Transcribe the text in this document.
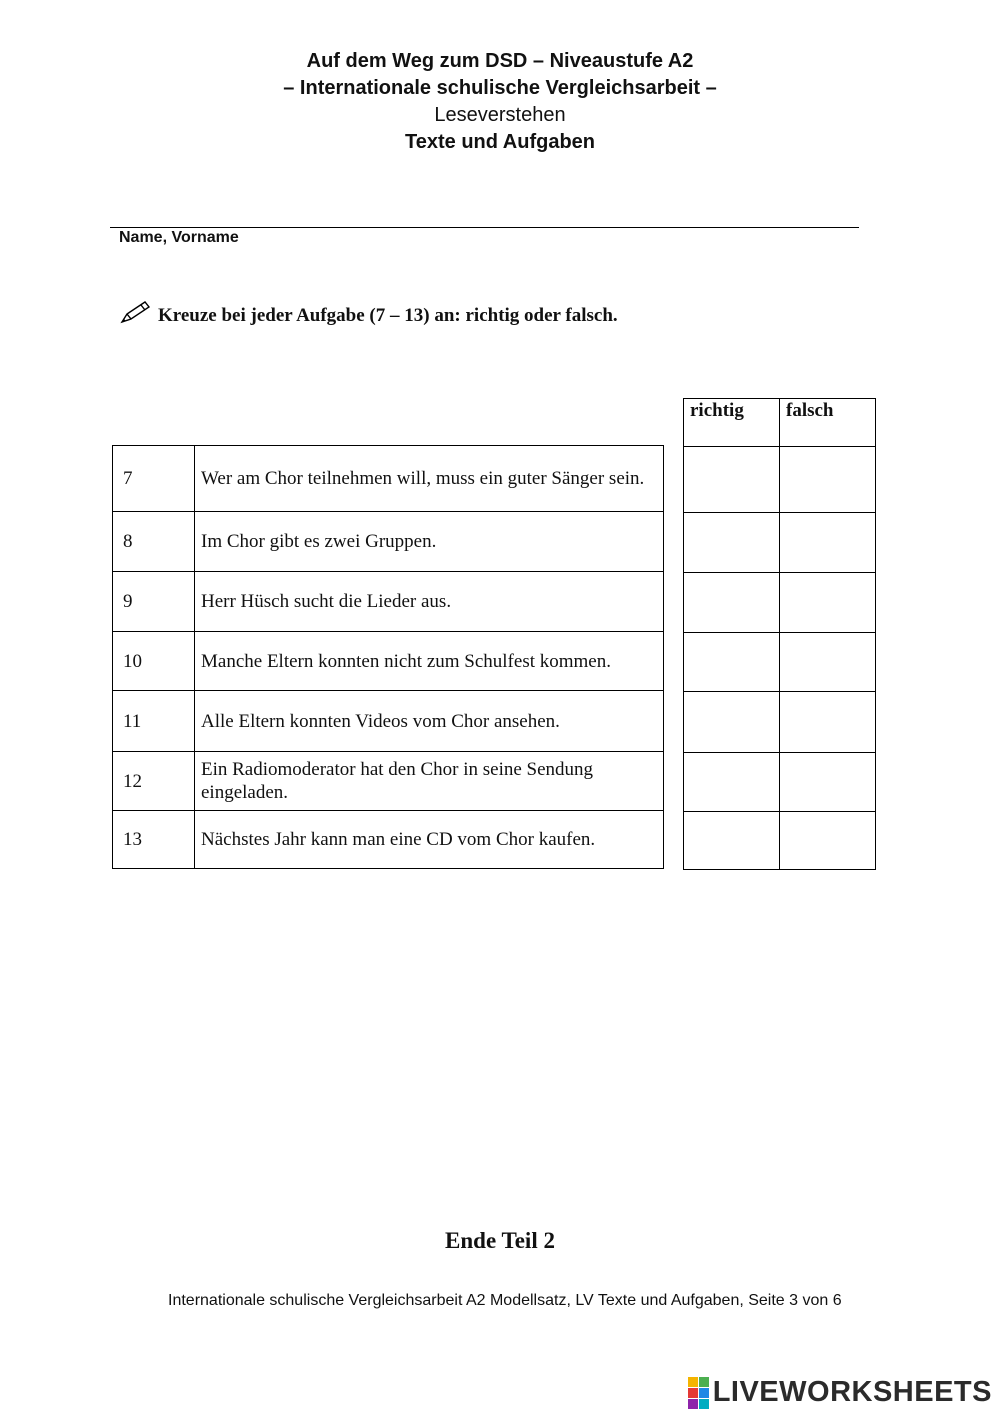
Auf dem Weg zum DSD – Niveaustufe A2
– Internationale schulische Vergleichsarbeit –
Leseverstehen
Texte und Aufgaben
Name, Vorname
Kreuze bei jeder Aufgabe (7 – 13) an: richtig oder falsch.
7	Wer am Chor teilnehmen will, muss ein guter Sänger sein.
8	Im Chor gibt es zwei Gruppen.
9	Herr Hüsch sucht die Lieder aus.
10	Manche Eltern konnten nicht zum Schulfest kommen.
11	Alle Eltern konnten Videos vom Chor ansehen.
12	Ein Radiomoderator hat den Chor in seine Sendung eingeladen.
13	Nächstes Jahr kann man eine CD vom Chor kaufen.
richtig	falsch

Ende Teil 2
Internationale schulische Vergleichsarbeit A2 Modellsatz, LV Texte und Aufgaben, Seite 3 von 6
LIVEWORKSHEETS
